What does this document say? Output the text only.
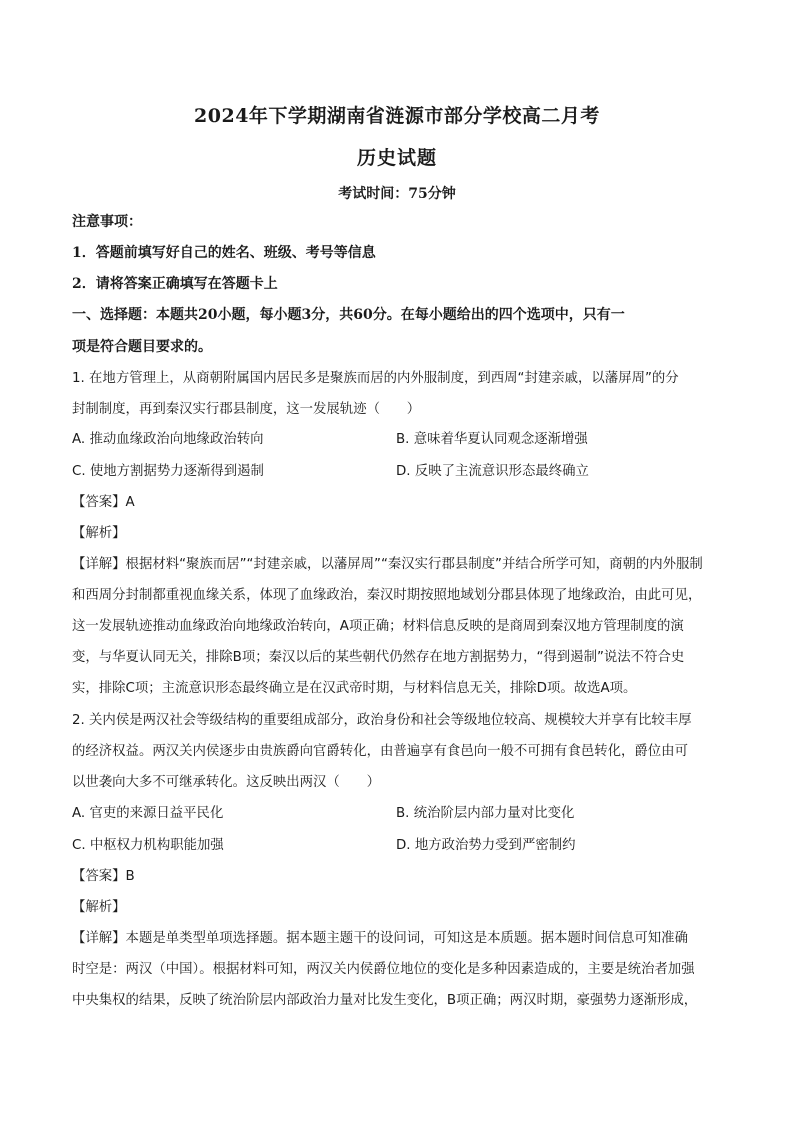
2024年下学期湖南省涟源市部分学校高二月考
历史试题
考试时间：75分钟
注意事项：
1．答题前填写好自己的姓名、班级、考号等信息
2．请将答案正确填写在答题卡上
一、选择题：本题共20小题，每小题3分，共60分。在每小题给出的四个选项中，只有一
项是符合题目要求的。
1. 在地方管理上，从商朝附属国内居民多是聚族而居的内外服制度，到西周“封建亲戚，以藩屏周”的分
封制制度，再到秦汉实行郡县制度，这一发展轨迹（　　）
A. 推动血缘政治向地缘政治转向	B. 意味着华夏认同观念逐渐增强
C. 使地方割据势力逐渐得到遏制	D. 反映了主流意识形态最终确立
【答案】A
【解析】
【详解】根据材料“聚族而居”“封建亲戚，以藩屏周”“秦汉实行郡县制度”并结合所学可知，商朝的内外服制
和西周分封制都重视血缘关系，体现了血缘政治，秦汉时期按照地域划分郡县体现了地缘政治，由此可见，
这一发展轨迹推动血缘政治向地缘政治转向，A项正确；材料信息反映的是商周到秦汉地方管理制度的演
变，与华夏认同无关，排除B项；秦汉以后的某些朝代仍然存在地方割据势力，“得到遏制”说法不符合史
实，排除C项；主流意识形态最终确立是在汉武帝时期，与材料信息无关，排除D项。故选A项。
2. 关内侯是两汉社会等级结构的重要组成部分，政治身份和社会等级地位较高、规模较大并享有比较丰厚
的经济权益。两汉关内侯逐步由贵族爵向官爵转化，由普遍享有食邑向一般不可拥有食邑转化，爵位由可
以世袭向大多不可继承转化。这反映出两汉（　　）
A. 官吏的来源日益平民化	B. 统治阶层内部力量对比变化
C. 中枢权力机构职能加强	D. 地方政治势力受到严密制约
【答案】B
【解析】
【详解】本题是单类型单项选择题。据本题主题干的设问词，可知这是本质题。据本题时间信息可知准确
时空是：两汉（中国）。根据材料可知，两汉关内侯爵位地位的变化是多种因素造成的，主要是统治者加强
中央集权的结果，反映了统治阶层内部政治力量对比发生变化，B项正确；两汉时期，豪强势力逐渐形成，
